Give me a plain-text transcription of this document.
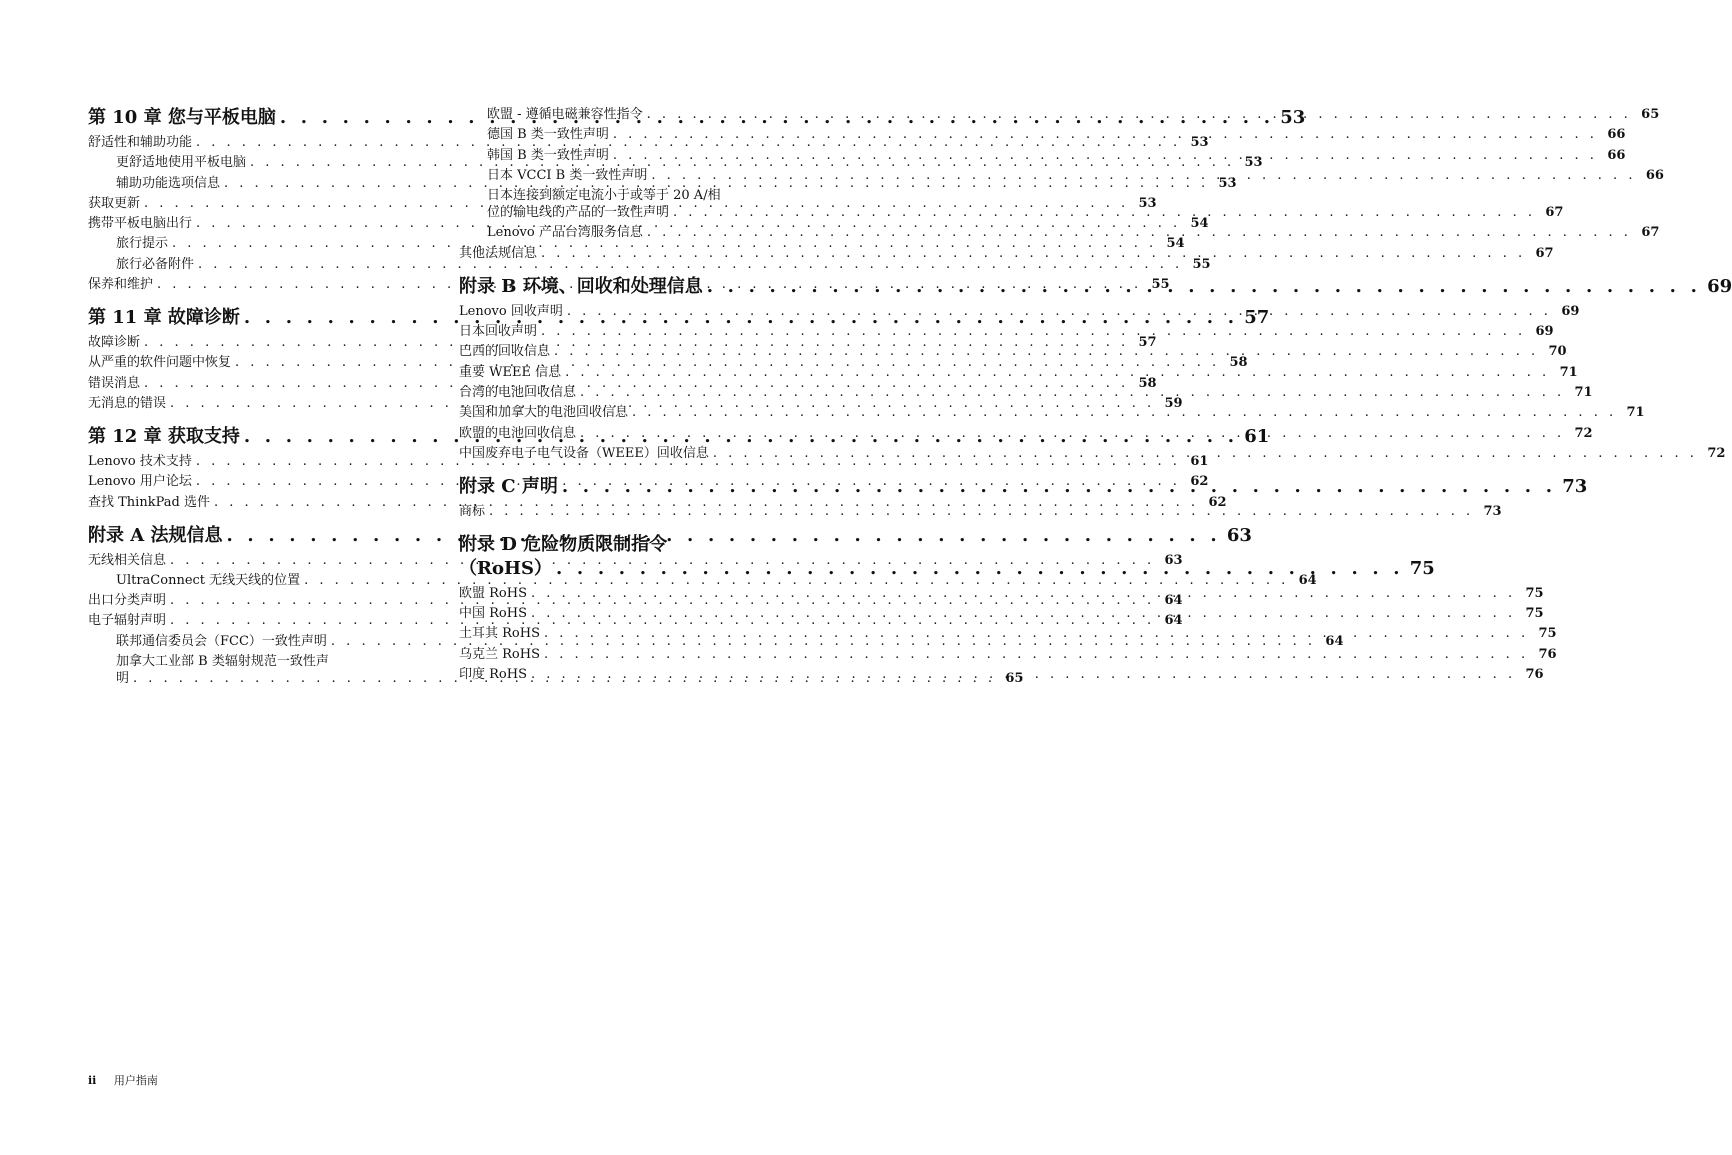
第 10 章 您与平板电脑 . . .	53
舒适性和辅助功能 . . .	53
更舒适地使用平板电脑 . . .	53
辅助功能选项信息 . . .	53
获取更新 . . .	53
携带平板电脑出行 . . .	54
旅行提示 . . .	54
旅行必备附件 . . .	55
保养和维护 . . .	55
第 11 章 故障诊断 . . .	57
故障诊断 . . .	57
从严重的软件问题中恢复 . . .	58
错误消息 . . .	58
无消息的错误 . . .	59
第 12 章 获取支持 . . .	61
Lenovo 技术支持 . . .	61
Lenovo 用户论坛 . . .	62
查找 ThinkPad 选件 . . .	62
附录 A 法规信息 . . .	63
无线相关信息 . . .	63
UltraConnect 无线天线的位置 . . .	64
出口分类声明 . . .	64
电子辐射声明 . . .	64
联邦通信委员会（FCC）一致性声明 . . .	64
加拿大工业部 B 类辐射规范一致性声
明 . . .	65
欧盟 - 遵循电磁兼容性指令 . . .	65
德国 B 类一致性声明 . . .	66
韩国 B 类一致性声明 . . .	66
日本 VCCI B 类一致性声明 . . .	66
日本连接到额定电流小于或等于 20 A/相
位的输电线的产品的一致性声明 . . .	67
Lenovo 产品台湾服务信息 . . .	67
其他法规信息 . . .	67
附录 B 环境、回收和处理信息 . . .	69
Lenovo 回收声明 . . .	69
日本回收声明 . . .	69
巴西的回收信息 . . .	70
重要 WEEE 信息 . . .	71
台湾的电池回收信息 . . .	71
美国和加拿大的电池回收信息 . . .	71
欧盟的电池回收信息 . . .	72
中国废弃电子电气设备（WEEE）回收信息 . . .	72
附录 C 声明 . . .	73
商标 . . .	73
附录 D 危险物质限制指令
（RoHS） . . .	75
欧盟 RoHS . . .	75
中国 RoHS . . .	75
土耳其 RoHS . . .	75
乌克兰 RoHS . . .	76
印度 RoHS . . .	76
ii 用户指南
